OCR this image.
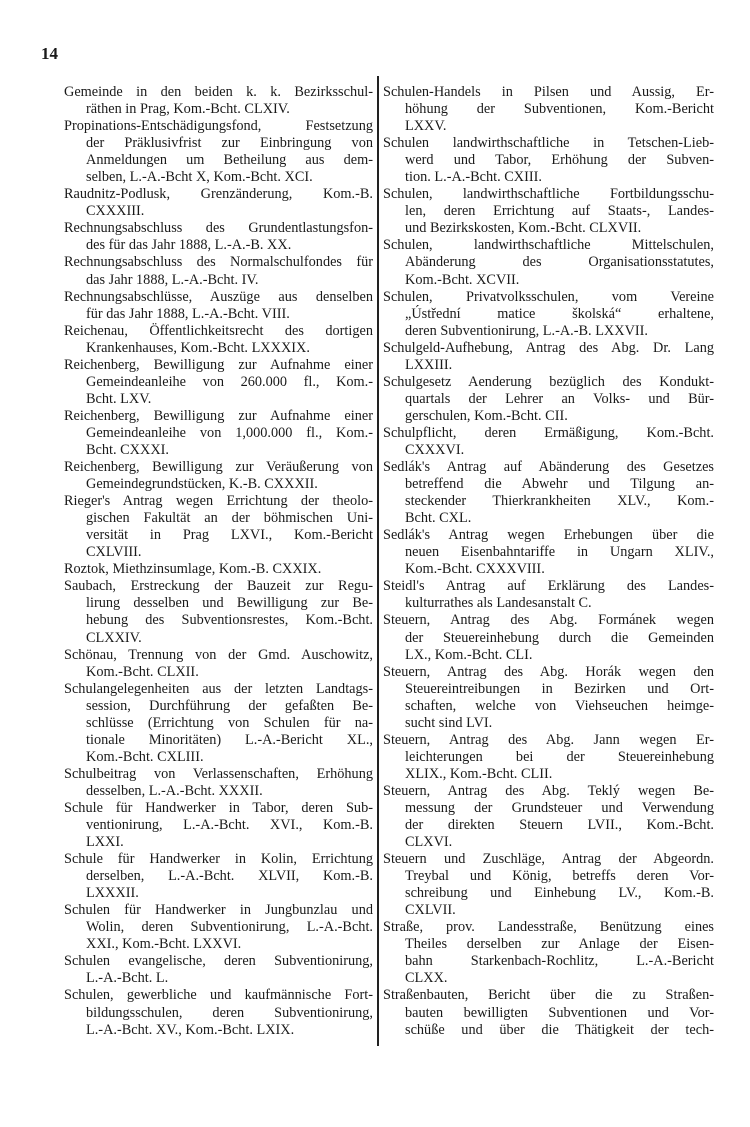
14
Gemeinde in den beiden k. k. Bezirksschul-
räthen in Prag, Kom.-Bcht. CLXIV.
Propinations-Entschädigungsfond, Festsetzung
der Präklusivfrist zur Einbringung von
Anmeldungen um Betheilung aus dem-
selben, L.-A.-Bcht X, Kom.-Bcht. XCI.
Raudnitz-Podlusk, Grenzänderung, Kom.-B.
CXXXIII.
Rechnungsabschluss des Grundentlastungsfon-
des für das Jahr 1888, L.-A.-B. XX.
Rechnungsabschluss des Normalschulfondes für
das Jahr 1888, L.-A.-Bcht. IV.
Rechnungsabschlüsse, Auszüge aus denselben
für das Jahr 1888, L.-A.-Bcht. VIII.
Reichenau, Öffentlichkeitsrecht des dortigen
Krankenhauses, Kom.-Bcht. LXXXIX.
Reichenberg, Bewilligung zur Aufnahme einer
Gemeindeanleihe von 260.000 fl., Kom.-
Bcht. LXV.
Reichenberg, Bewilligung zur Aufnahme einer
Gemeindeanleihe von 1,000.000 fl., Kom.-
Bcht. CXXXI.
Reichenberg, Bewilligung zur Veräußerung von
Gemeindegrundstücken, K.-B. CXXXII.
Rieger's Antrag wegen Errichtung der theolo-
gischen Fakultät an der böhmischen Uni-
versität in Prag LXVI., Kom.-Bericht
CXLVIII.
Roztok, Miethzinsumlage, Kom.-B. CXXIX.
Saubach, Erstreckung der Bauzeit zur Regu-
lirung desselben und Bewilligung zur Be-
hebung des Subventionsrestes, Kom.-Bcht.
CLXXIV.
Schönau, Trennung von der Gmd. Auschowitz,
Kom.-Bcht. CLXII.
Schulangelegenheiten aus der letzten Landtags-
session, Durchführung der gefaßten Be-
schlüsse (Errichtung von Schulen für na-
tionale Minoritäten) L.-A.-Bericht XL.,
Kom.-Bcht. CXLIII.
Schulbeitrag von Verlassenschaften, Erhöhung
desselben, L.-A.-Bcht. XXXII.
Schule für Handwerker in Tabor, deren Sub-
ventionirung, L.-A.-Bcht. XVI., Kom.-B.
LXXI.
Schule für Handwerker in Kolin, Errichtung
derselben, L.-A.-Bcht. XLVII, Kom.-B.
LXXXII.
Schulen für Handwerker in Jungbunzlau und
Wolin, deren Subventionirung, L.-A.-Bcht.
XXI., Kom.-Bcht. LXXVI.
Schulen evangelische, deren Subventionirung,
L.-A.-Bcht. L.
Schulen, gewerbliche und kaufmännische Fort-
bildungsschulen, deren Subventionirung,
L.-A.-Bcht. XV., Kom.-Bcht. LXIX.
Schulen-Handels in Pilsen und Aussig, Er-
höhung der Subventionen, Kom.-Bericht
LXXV.
Schulen landwirthschaftliche in Tetschen-Lieb-
werd und Tabor, Erhöhung der Subven-
tion. L.-A.-Bcht. CXIII.
Schulen, landwirthschaftliche Fortbildungsschu-
len, deren Errichtung auf Staats-, Landes-
und Bezirkskosten, Kom.-Bcht. CLXVII.
Schulen, landwirthschaftliche Mittelschulen,
Abänderung des Organisationsstatutes,
Kom.-Bcht. XCVII.
Schulen, Privatvolksschulen, vom Vereine
„Ústřední matice školská“ erhaltene,
deren Subventionirung, L.-A.-B. LXXVII.
Schulgeld-Aufhebung, Antrag des Abg. Dr. Lang
LXXIII.
Schulgesetz Aenderung bezüglich des Kondukt-
quartals der Lehrer an Volks- und Bür-
gerschulen, Kom.-Bcht. CII.
Schulpflicht, deren Ermäßigung, Kom.-Bcht.
CXXXVI.
Sedlák's Antrag auf Abänderung des Gesetzes
betreffend die Abwehr und Tilgung an-
steckender Thierkrankheiten XLV., Kom.-
Bcht. CXL.
Sedlák's Antrag wegen Erhebungen über die
neuen Eisenbahntariffe in Ungarn XLIV.,
Kom.-Bcht. CXXXVIII.
Steidl's Antrag auf Erklärung des Landes-
kulturrathes als Landesanstalt C.
Steuern, Antrag des Abg. Formánek wegen
der Steuereinhebung durch die Gemeinden
LX., Kom.-Bcht. CLI.
Steuern, Antrag des Abg. Horák wegen den
Steuereintreibungen in Bezirken und Ort-
schaften, welche von Viehseuchen heimge-
sucht sind LVI.
Steuern, Antrag des Abg. Jann wegen Er-
leichterungen bei der Steuereinhebung
XLIX., Kom.-Bcht. CLII.
Steuern, Antrag des Abg. Teklý wegen Be-
messung der Grundsteuer und Verwendung
der direkten Steuern LVII., Kom.-Bcht.
CLXVI.
Steuern und Zuschläge, Antrag der Abgeordn.
Treybal und König, betreffs deren Vor-
schreibung und Einhebung LV., Kom.-B.
CXLVII.
Straße, prov. Landesstraße, Benützung eines
Theiles derselben zur Anlage der Eisen-
bahn Starkenbach-Rochlitz, L.-A.-Bericht
CLXX.
Straßenbauten, Bericht über die zu Straßen-
bauten bewilligten Subventionen und Vor-
schüße und über die Thätigkeit der tech-
